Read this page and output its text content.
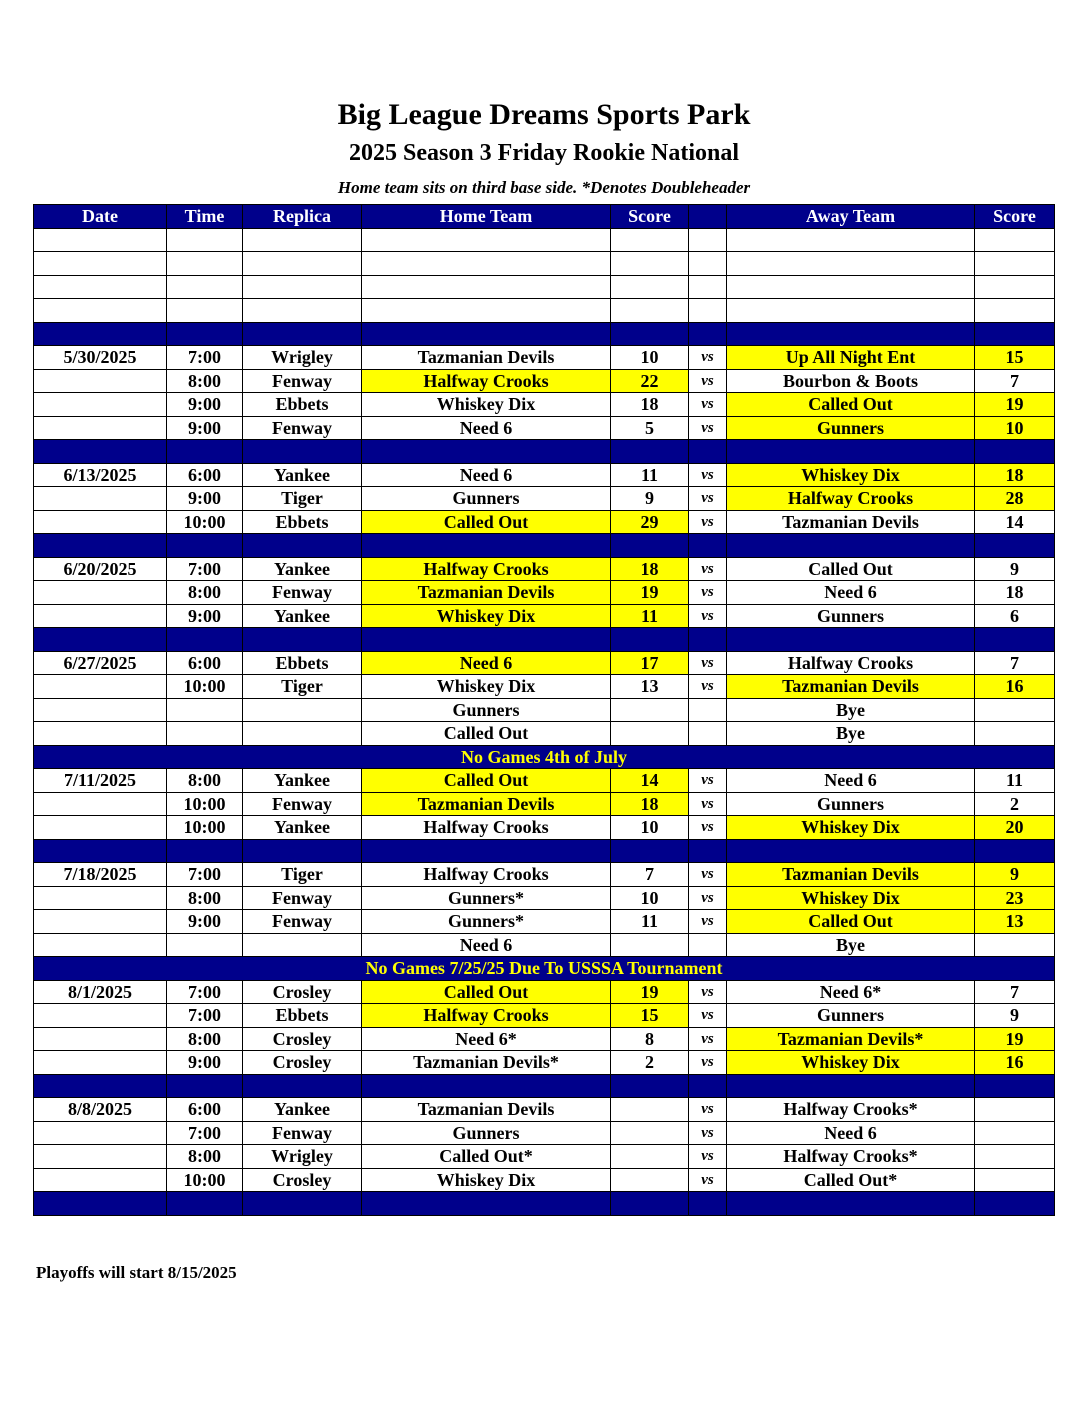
Big League Dreams Sports Park
2025 Season 3 Friday Rookie National
Home team sits on third base side. *Denotes Doubleheader
Date	Time	Replica	Home Team	Score		Away Team	Score

5/30/2025	7:00	Wrigley	Tazmanian Devils	10	vs	Up All Night Ent	15
	8:00	Fenway	Halfway Crooks	22	vs	Bourbon & Boots	7
	9:00	Ebbets	Whiskey Dix	18	vs	Called Out	19
	9:00	Fenway	Need 6	5	vs	Gunners	10

6/13/2025	6:00	Yankee	Need 6	11	vs	Whiskey Dix	18
	9:00	Tiger	Gunners	9	vs	Halfway Crooks	28
	10:00	Ebbets	Called Out	29	vs	Tazmanian Devils	14

6/20/2025	7:00	Yankee	Halfway Crooks	18	vs	Called Out	9
	8:00	Fenway	Tazmanian Devils	19	vs	Need 6	18
	9:00	Yankee	Whiskey Dix	11	vs	Gunners	6

6/27/2025	6:00	Ebbets	Need 6	17	vs	Halfway Crooks	7
	10:00	Tiger	Whiskey Dix	13	vs	Tazmanian Devils	16
			Gunners			Bye	
			Called Out			Bye	
No Games 4th of July							
7/11/2025	8:00	Yankee	Called Out	14	vs	Need 6	11
	10:00	Fenway	Tazmanian Devils	18	vs	Gunners	2
	10:00	Yankee	Halfway Crooks	10	vs	Whiskey Dix	20

7/18/2025	7:00	Tiger	Halfway Crooks	7	vs	Tazmanian Devils	9
	8:00	Fenway	Gunners*	10	vs	Whiskey Dix	23
	9:00	Fenway	Gunners*	11	vs	Called Out	13
			Need 6			Bye	
No Games 7/25/25 Due To USSSA Tournament							
8/1/2025	7:00	Crosley	Called Out	19	vs	Need 6*	7
	7:00	Ebbets	Halfway Crooks	15	vs	Gunners	9
	8:00	Crosley	Need 6*	8	vs	Tazmanian Devils*	19
	9:00	Crosley	Tazmanian Devils*	2	vs	Whiskey Dix	16

8/8/2025	6:00	Yankee	Tazmanian Devils		vs	Halfway Crooks*	
	7:00	Fenway	Gunners		vs	Need 6	
	8:00	Wrigley	Called Out*		vs	Halfway Crooks*	
	10:00	Crosley	Whiskey Dix		vs	Called Out*	

Playoffs will start 8/15/2025
